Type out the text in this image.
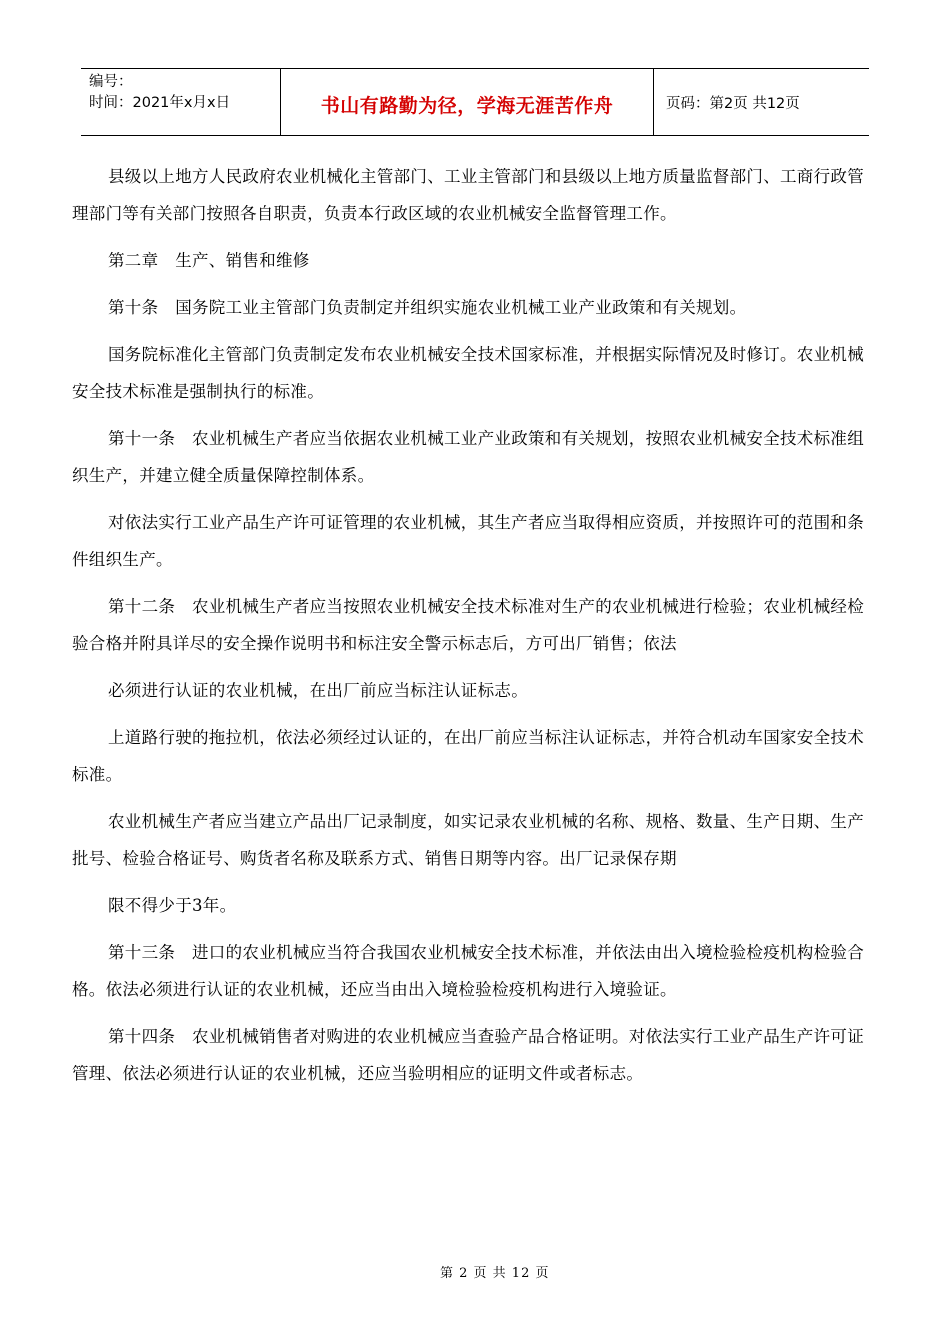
编号：
时间：2021年x月x日	书山有路勤为径，学海无涯苦作舟	页码：第2页 共12页

县级以上地方人民政府农业机械化主管部门、工业主管部门和县级以上地方质量监督部门、工商行政管理部门等有关部门按照各自职责，负责本行政区域的农业机械安全监督管理工作。

第二章　生产、销售和维修

第十条　国务院工业主管部门负责制定并组织实施农业机械工业产业政策和有关规划。

国务院标准化主管部门负责制定发布农业机械安全技术国家标准，并根据实际情况及时修订。农业机械安全技术标准是强制执行的标准。

第十一条　农业机械生产者应当依据农业机械工业产业政策和有关规划，按照农业机械安全技术标准组织生产，并建立健全质量保障控制体系。

对依法实行工业产品生产许可证管理的农业机械，其生产者应当取得相应资质，并按照许可的范围和条件组织生产。

第十二条　农业机械生产者应当按照农业机械安全技术标准对生产的农业机械进行检验；农业机械经检验合格并附具详尽的安全操作说明书和标注安全警示标志后，方可出厂销售；依法

必须进行认证的农业机械，在出厂前应当标注认证标志。

上道路行驶的拖拉机，依法必须经过认证的，在出厂前应当标注认证标志，并符合机动车国家安全技术标准。

农业机械生产者应当建立产品出厂记录制度，如实记录农业机械的名称、规格、数量、生产日期、生产批号、检验合格证号、购货者名称及联系方式、销售日期等内容。出厂记录保存期

限不得少于3年。

第十三条　进口的农业机械应当符合我国农业机械安全技术标准，并依法由出入境检验检疫机构检验合格。依法必须进行认证的农业机械，还应当由出入境检验检疫机构进行入境验证。

第十四条　农业机械销售者对购进的农业机械应当查验产品合格证明。对依法实行工业产品生产许可证管理、依法必须进行认证的农业机械，还应当验明相应的证明文件或者标志。

第 2 页 共 12 页
